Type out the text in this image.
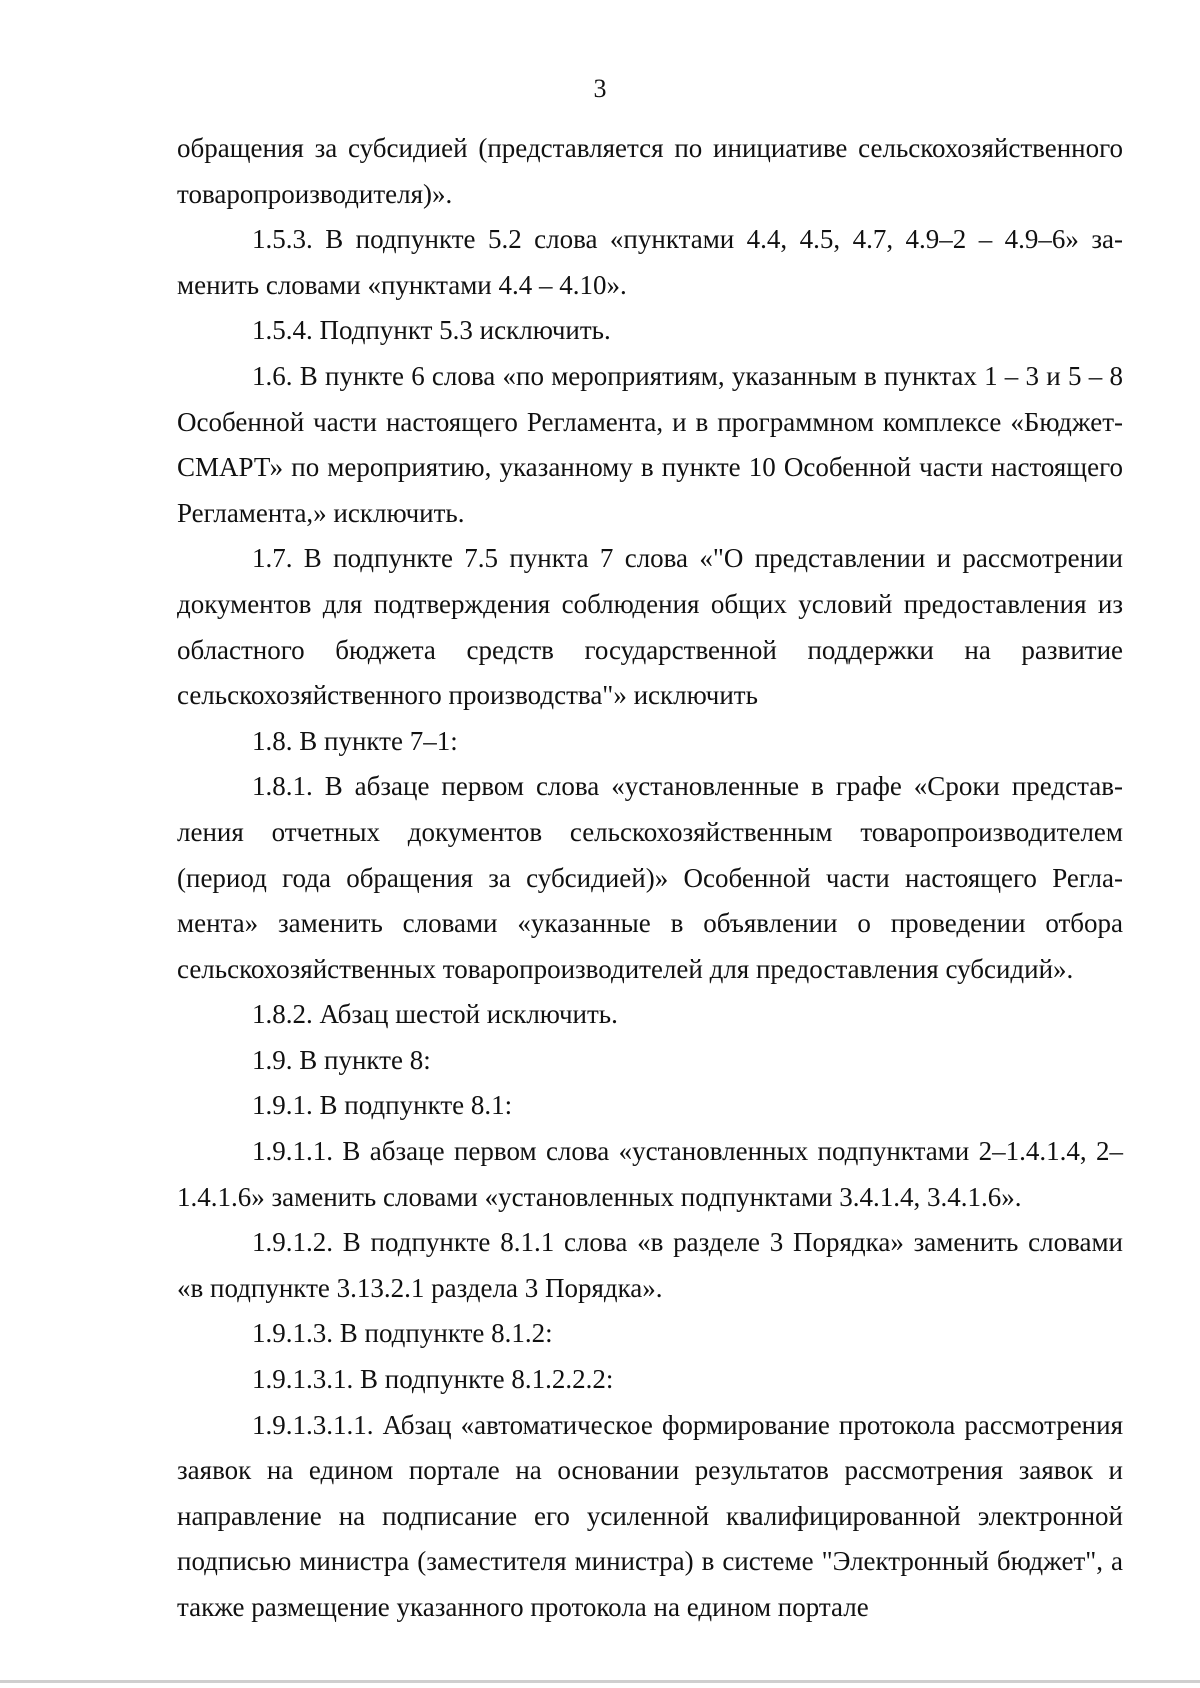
3

обращения за субсидией (представляется по инициативе сельскохозяйственного товаропроизводителя)».

1.5.3. В подпункте 5.2 слова «пунктами 4.4, 4.5, 4.7, 4.9–2 – 4.9–6» заменить словами «пунктами 4.4 – 4.10».

1.5.4. Подпункт 5.3 исключить.

1.6. В пункте 6 слова «по мероприятиям, указанным в пунктах 1 – 3 и 5 – 8 Особенной части настоящего Регламента, и в программном комплексе «Бюджет-СМАРТ» по мероприятию, указанному в пункте 10 Особенной части настоящего Регламента,» исключить.

1.7. В подпункте 7.5 пункта 7 слова «"О представлении и рассмотрении документов для подтверждения соблюдения общих условий предоставления из областного бюджета средств государственной поддержки на развитие сельскохозяйственного производства"» исключить

1.8. В пункте 7–1:

1.8.1. В абзаце первом слова «установленные в графе «Сроки представления отчетных документов сельскохозяйственным товаропроизводителем (период года обращения за субсидией)» Особенной части настоящего Регламента» заменить словами «указанные в объявлении о проведении отбора сельскохозяйственных товаропроизводителей для предоставления субсидий».

1.8.2. Абзац шестой исключить.

1.9. В пункте 8:

1.9.1. В подпункте 8.1:

1.9.1.1. В абзаце первом слова «установленных подпунктами 2–1.4.1.4, 2–1.4.1.6» заменить словами «установленных подпунктами 3.4.1.4, 3.4.1.6».

1.9.1.2. В подпункте 8.1.1 слова «в разделе 3 Порядка» заменить словами «в подпункте 3.13.2.1 раздела 3 Порядка».

1.9.1.3. В подпункте 8.1.2:

1.9.1.3.1. В подпункте 8.1.2.2.2:

1.9.1.3.1.1. Абзац «автоматическое формирование протокола рассмотрения заявок на едином портале на основании результатов рассмотрения заявок и направление на подписание его усиленной квалифицированной электронной подписью министра (заместителя министра) в системе "Электронный бюджет", а также размещение указанного протокола на едином портале
